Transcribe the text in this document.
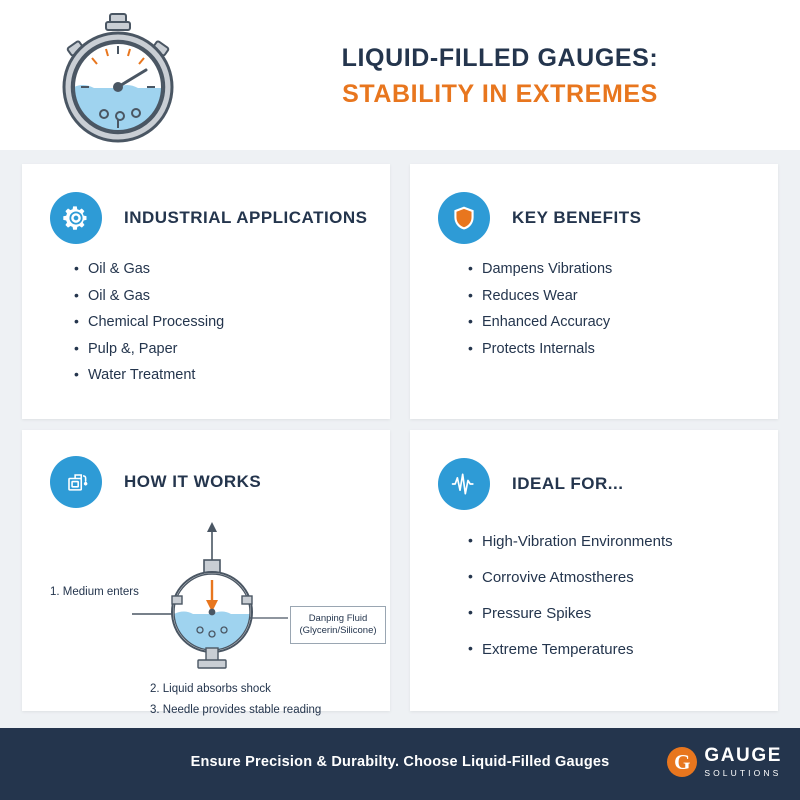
LIQUID-FILLED GAUGES:
STABILITY IN EXTREMES
INDUSTRIAL APPLICATIONS
• Oil & Gas
• Oil & Gas
• Chemical Processing
• Pulp &, Paper
• Water Treatment
KEY BENEFITS
• Dampens Vibrations
• Reduces Wear
• Enhanced Accuracy
• Protects Internals
HOW IT WORKS
1. Medium enters
Danping Fluid
(Glycerin/Silicone)
2. Liquid absorbs shock
3. Needle provides stable reading
IDEAL FOR...
• High-Vibration Environments
• Corrovive Atmostheres
• Pressure Spikes
• Extreme Temperatures
Ensure Precision & Durabilty. Choose Liquid-Filled Gauges	G GAUGE
SOLUTIONS
